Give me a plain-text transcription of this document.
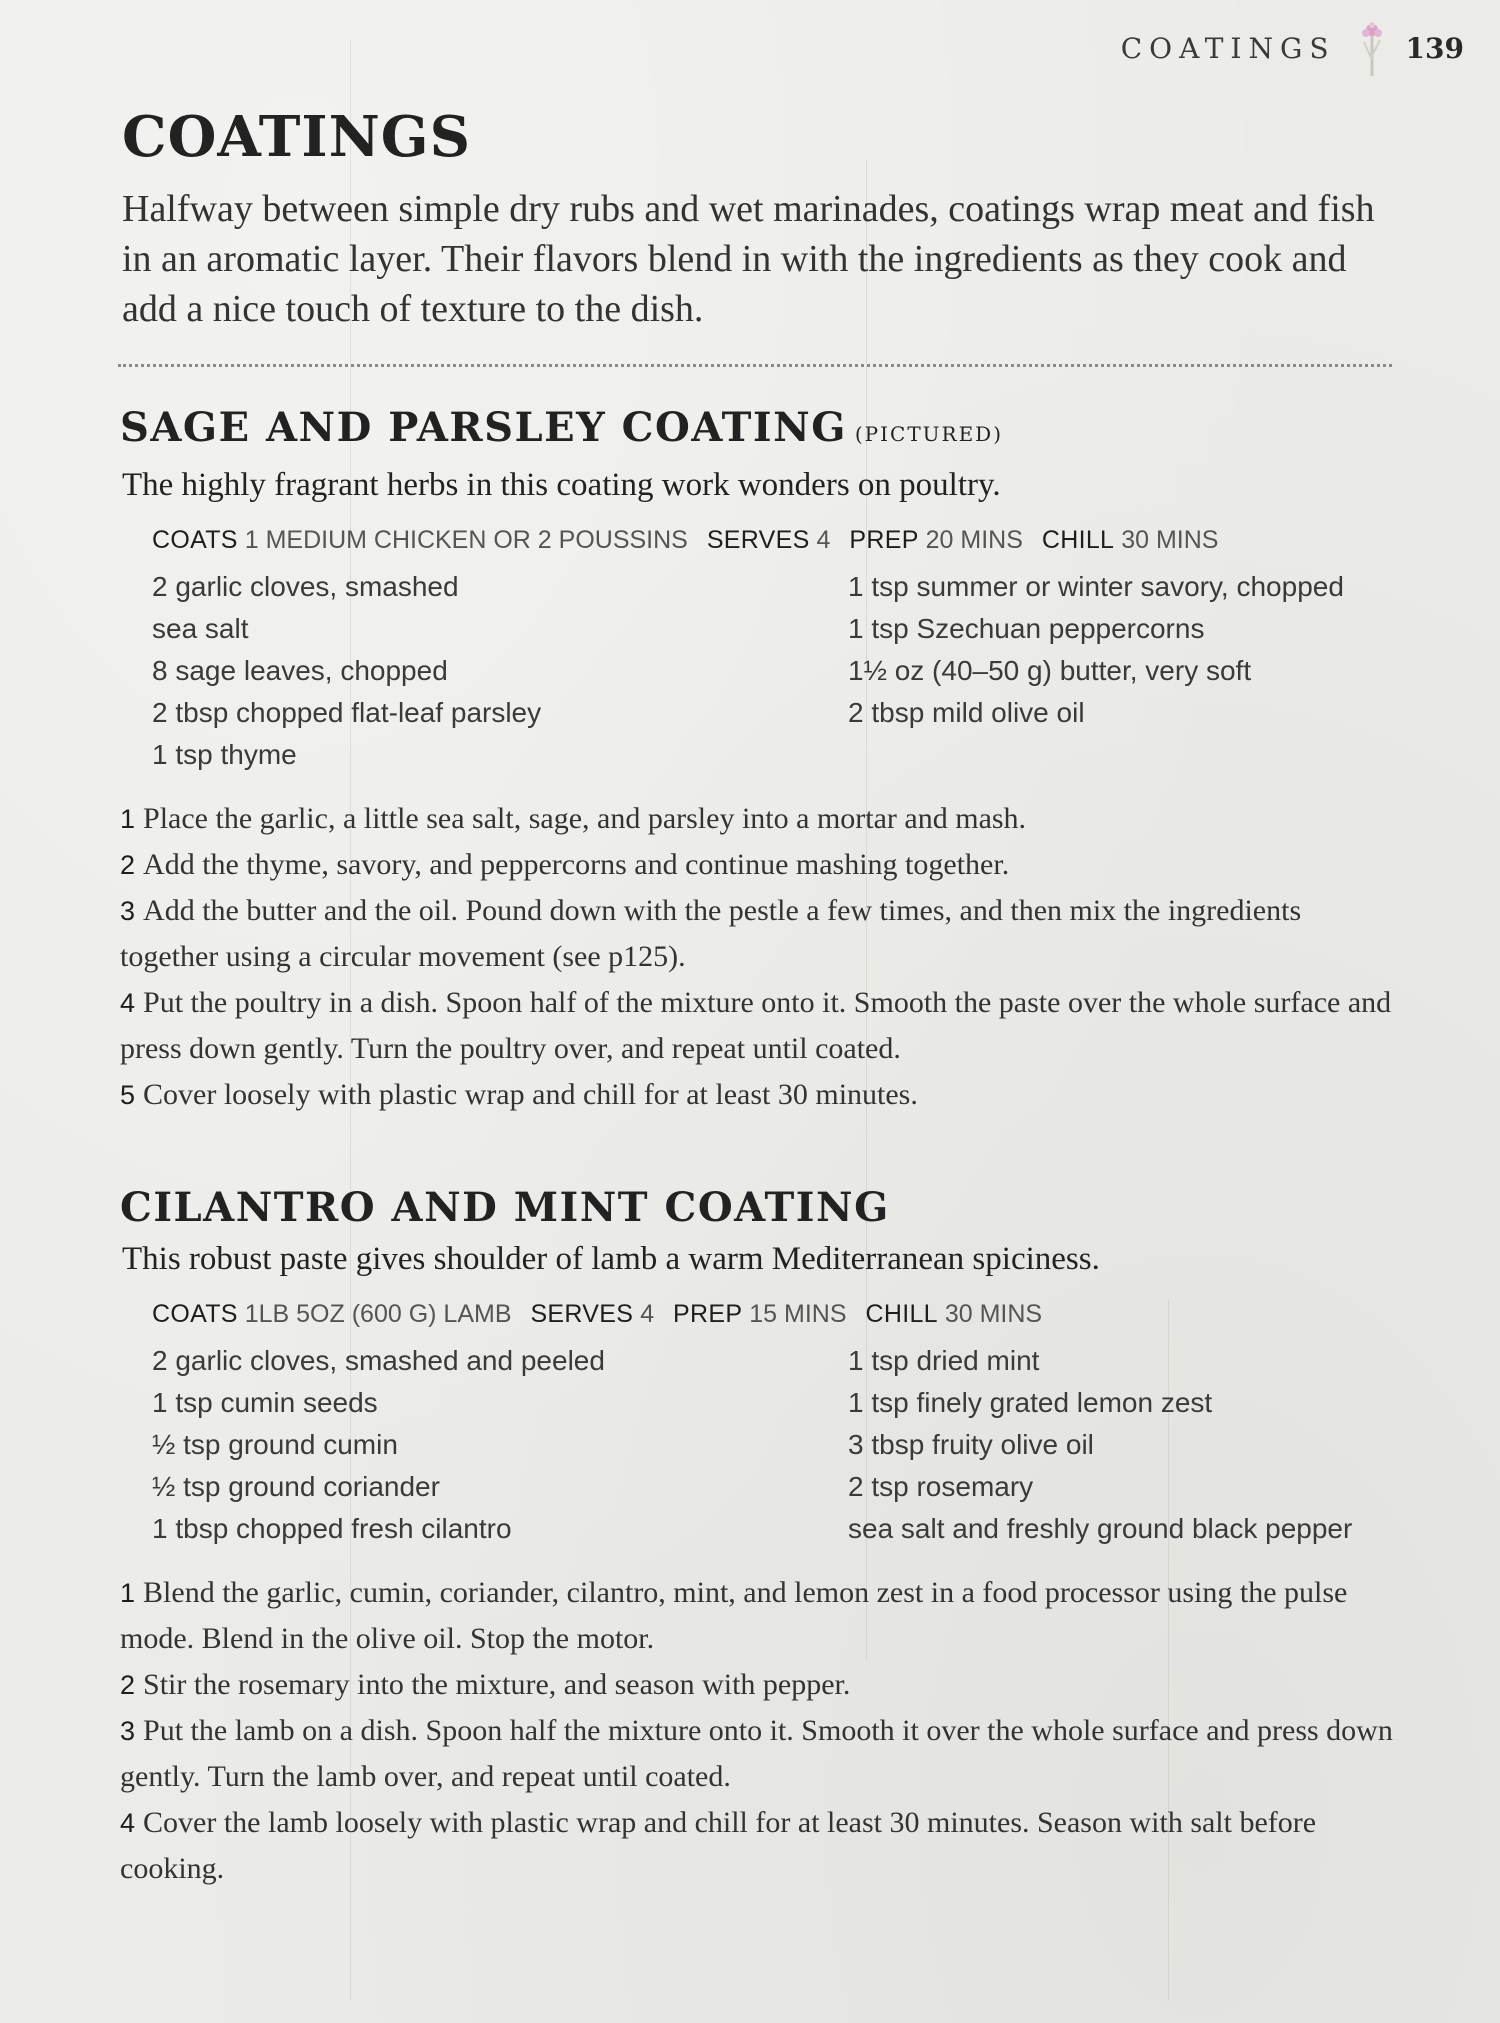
COATINGS	139
COATINGS

Halfway between simple dry rubs and wet marinades, coatings wrap meat and fish in an aromatic layer. Their flavors blend in with the ingredients as they cook and add a nice touch of texture to the dish.

SAGE AND PARSLEY COATING (PICTURED)

The highly fragrant herbs in this coating work wonders on poultry.

COATS 1 MEDIUM CHICKEN OR 2 POUSSINS SERVES 4 PREP 20 MINS CHILL 30 MINS
2 garlic cloves, smashed
sea salt
8 sage leaves, chopped
2 tbsp chopped flat-leaf parsley
1 tsp thyme
1 tsp summer or winter savory, chopped
1 tsp Szechuan peppercorns
1½ oz (40–50 g) butter, very soft
2 tbsp mild olive oil
1 Place the garlic, a little sea salt, sage, and parsley into a mortar and mash.
2 Add the thyme, savory, and peppercorns and continue mashing together.
3 Add the butter and the oil. Pound down with the pestle a few times, and then mix the ingredients together using a circular movement (see p125).
4 Put the poultry in a dish. Spoon half of the mixture onto it. Smooth the paste over the whole surface and press down gently. Turn the poultry over, and repeat until coated.
5 Cover loosely with plastic wrap and chill for at least 30 minutes.
CILANTRO AND MINT COATING

This robust paste gives shoulder of lamb a warm Mediterranean spiciness.

COATS 1LB 5OZ (600 G) LAMB SERVES 4 PREP 15 MINS CHILL 30 MINS
2 garlic cloves, smashed and peeled
1 tsp cumin seeds
½ tsp ground cumin
½ tsp ground coriander
1 tbsp chopped fresh cilantro
1 tsp dried mint
1 tsp finely grated lemon zest
3 tbsp fruity olive oil
2 tsp rosemary
sea salt and freshly ground black pepper
1 Blend the garlic, cumin, coriander, cilantro, mint, and lemon zest in a food processor using the pulse mode. Blend in the olive oil. Stop the motor.
2 Stir the rosemary into the mixture, and season with pepper.
3 Put the lamb on a dish. Spoon half the mixture onto it. Smooth it over the whole surface and press down gently. Turn the lamb over, and repeat until coated.
4 Cover the lamb loosely with plastic wrap and chill for at least 30 minutes. Season with salt before cooking.
